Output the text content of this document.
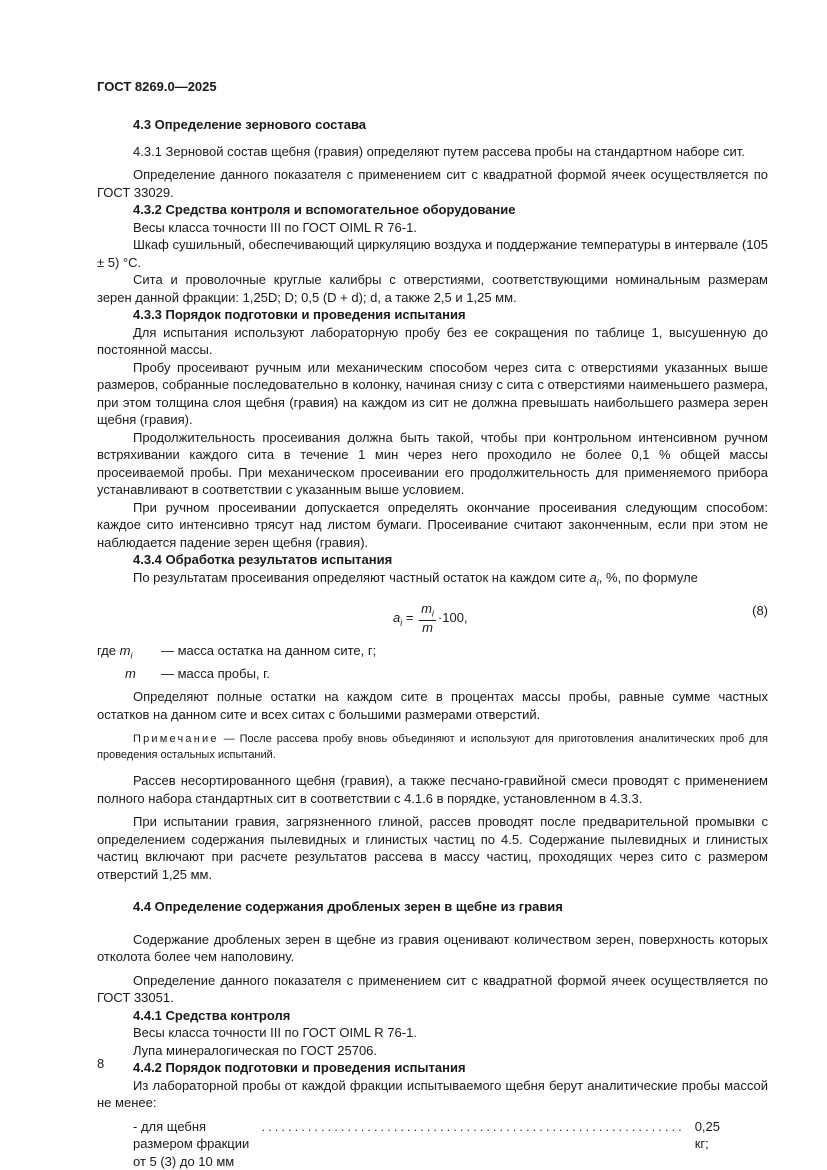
ГОСТ 8269.0—2025

4.3 Определение зернового состава

4.3.1 Зерновой состав щебня (гравия) определяют путем рассева пробы на стандартном наборе сит.

Определение данного показателя с применением сит с квадратной формой ячеек осуществляется по ГОСТ 33029.

4.3.2 Средства контроля и вспомогательное оборудование

Весы класса точности III по ГОСТ OIML R 76-1.

Шкаф сушильный, обеспечивающий циркуляцию воздуха и поддержание температуры в интервале (105 ± 5) °С.

Сита и проволочные круглые калибры с отверстиями, соответствующими номинальным размерам зерен данной фракции: 1,25D; D; 0,5 (D + d); d, а также 2,5 и 1,25 мм.

4.3.3 Порядок подготовки и проведения испытания

Для испытания используют лабораторную пробу без ее сокращения по таблице 1, высушенную до постоянной массы.

Пробу просеивают ручным или механическим способом через сита с отверстиями указанных выше размеров, собранные последовательно в колонку, начиная снизу с сита с отверстиями наименьшего размера, при этом толщина слоя щебня (гравия) на каждом из сит не должна превышать наибольшего размера зерен щебня (гравия).

Продолжительность просеивания должна быть такой, чтобы при контрольном интенсивном ручном встряхивании каждого сита в течение 1 мин через него проходило не более 0,1 % общей массы просеиваемой пробы. При механическом просеивании его продолжительность для применяемого прибора устанавливают в соответствии с указанным выше условием.

При ручном просеивании допускается определять окончание просеивания следующим способом: каждое сито интенсивно трясут над листом бумаги. Просеивание считают законченным, если при этом не наблюдается падение зерен щебня (гравия).

4.3.4 Обработка результатов испытания

По результатам просеивания определяют частный остаток на каждом сите $a_i$, %, по формуле

$a_i = \frac{m_i}{m} \cdot 100$,	(8)
где $m_i$	— масса остатка на данном сите, г;
m	— масса пробы, г.

Определяют полные остатки на каждом сите в процентах массы пробы, равные сумме частных остатков на данном сите и всех ситах с большими размерами отверстий.

Примечание — После рассева пробу вновь объединяют и используют для приготовления аналитических проб для проведения остальных испытаний.

Рассев несортированного щебня (гравия), а также песчано-гравийной смеси проводят с применением полного набора стандартных сит в соответствии с 4.1.6 в порядке, установленном в 4.3.3.

При испытании гравия, загрязненного глиной, рассев проводят после предварительной промывки с определением содержания пылевидных и глинистых частиц по 4.5. Содержание пылевидных и глинистых частиц включают при расчете результатов рассева в массу частиц, проходящих через сито с размером отверстий 1,25 мм.

4.4 Определение содержания дробленых зерен в щебне из гравия

Содержание дробленых зерен в щебне из гравия оценивают количеством зерен, поверхность которых отколота более чем наполовину.

Определение данного показателя с применением сит с квадратной формой ячеек осуществляется по ГОСТ 33051.

4.4.1 Средства контроля

Весы класса точности III по ГОСТ OIML R 76-1.

Лупа минералогическая по ГОСТ 25706.

4.4.2 Порядок подготовки и проведения испытания

Из лабораторной пробы от каждой фракции испытываемого щебня берут аналитические пробы массой не менее:

- для щебня размером фракции от 5 (3) до 10 мм
................................................................ 0,25 кг;
8
